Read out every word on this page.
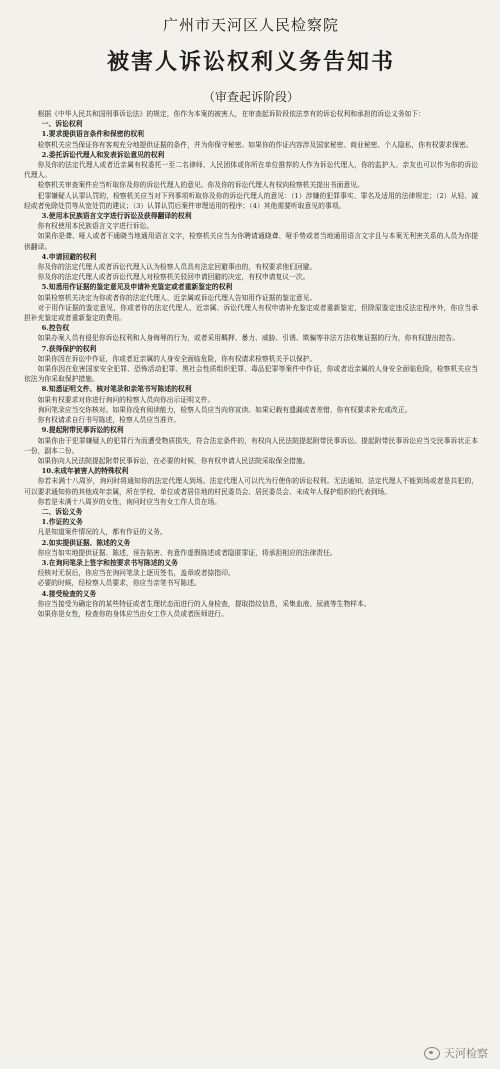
广州市天河区人民检察院
被害人诉讼权利义务告知书
（审查起诉阶段）

根据《中华人民共和国刑事诉讼法》的规定，你作为本案的被害人，在审查起诉阶段依法享有的诉讼权利和承担的诉讼义务如下：

一、诉讼权利

1.要求提供语言条件和保密的权利

检察机关应当保证你有客观充分地提供证据的条件，并为你保守秘密。如果你的作证内容涉及国家秘密、商业秘密、个人隐私，你有权要求保密。

2.委托诉讼代理人和发表诉讼意见的权利

你及你的法定代理人或者近亲属有权委托一至二名律师、人民团体或你所在单位推荐的人作为诉讼代理人，你的监护人、亲友也可以作为你的诉讼代理人。

检察机关审查案件应当听取你及你的诉讼代理人的意见。你及你的诉讼代理人有权向检察机关提出书面意见。

犯罪嫌疑人认罪认罚的，检察机关应当对下列事项听取你及你的诉讼代理人的意见：（1）涉嫌的犯罪事实、罪名及适用的法律规定；（2）从轻、减轻或者免除处罚等从宽处罚的建议；（3）认罪认罚后案件审理适用的程序；（4）其他需要听取意见的事项。

3.使用本民族语言文字进行诉讼及获得翻译的权利

你有权使用本民族语言文字进行诉讼。

如果你是聋、哑人或者不通晓当地通用语言文字，检察机关应当为你聘请通晓聋、哑手势或者当地通用语言文字且与本案无利害关系的人员为你提供翻译。

4.申请回避的权利

你及你的法定代理人或者诉讼代理人认为检察人员具有法定回避事由的，有权要求他们回避。

你及你的法定代理人或者诉讼代理人对检察机关驳回申请回避的决定，有权申请复议一次。

5.知悉用作证据的鉴定意见及申请补充鉴定或者重新鉴定的权利

如果检察机关决定为你或者你的法定代理人、近亲属或诉讼代理人告知用作证据的鉴定意见。

对于用作证据的鉴定意见，你或者你的法定代理人、近亲属、诉讼代理人有权申请补充鉴定或者重新鉴定，但除原鉴定违反法定程序外，你应当承担补充鉴定或者重新鉴定的费用。

6.控告权

如果办案人员有侵犯你诉讼权利和人身侮辱的行为，或者采用羁押、暴力、威胁、引诱、欺骗等非法方法收集证据的行为，你有权提出控告。

7.获得保护的权利

如果你因在诉讼中作证，你或者近亲属的人身安全面临危险，你有权请求检察机关予以保护。

如果你因在危害国家安全犯罪、恐怖活动犯罪、黑社会性质组织犯罪、毒品犯罪等案件中作证，你或者近亲属的人身安全面临危险，检察机关应当依法为你采取保护措施。

8.知悉证明文件、核对笔录和亲笔书写陈述的权利

如果有权要求对你进行询问的检察人员向你出示证明文件。

询问笔录应当交你核对。如果你没有阅读能力，检察人员应当向你宣读。如果记载有遗漏或者差错，你有权要求补充或改正。

你有权请求自行书写陈述，检察人员应当准许。

9.提起附带民事诉讼的权利

如果你由于犯罪嫌疑人的犯罪行为而遭受物质损失，符合法定条件的，有权向人民法院提起附带民事诉讼。提起附带民事诉讼应当交民事诉状正本一份，副本二份。

如果你向人民法院提起附带民事诉讼，在必要的时候，你有权申请人民法院采取保全措施。

10.未成年被害人的特殊权利

你若未满十八周岁，询问时将通知你的法定代理人到场。法定代理人可以代为行使你的诉讼权利。无法通知、法定代理人不能到场或者是共犯的，可以要求通知你的其他成年亲属，所在学校、单位或者居住地的村民委员会、居民委员会、未成年人保护组织的代表到场。

你若是未满十八周岁的女性，询问时应当有女工作人员在场。

二、诉讼义务

1.作证的义务

凡是知道案件情况的人，都有作证的义务。

2.如实提供证据、陈述的义务

你应当如实地提供证据、陈述，诬告陷害、有意作虚假陈述或者隐匿罪证，将承担相应的法律责任。

3.在询问笔录上签字和按要求书写陈述的义务

经核对无误后，你应当在询问笔录上逐页签名，盖章或者捺指印。

必要的时候，经检察人员要求，你应当亲笔书写陈述。

4.接受检查的义务

你应当接受为确定你的某些特征或者生理状态而进行的人身检查，提取指纹信息，采集血液、尿液等生物样本。

如果你是女性，检查你的身体应当由女工作人员或者医师进行。

天河检察
